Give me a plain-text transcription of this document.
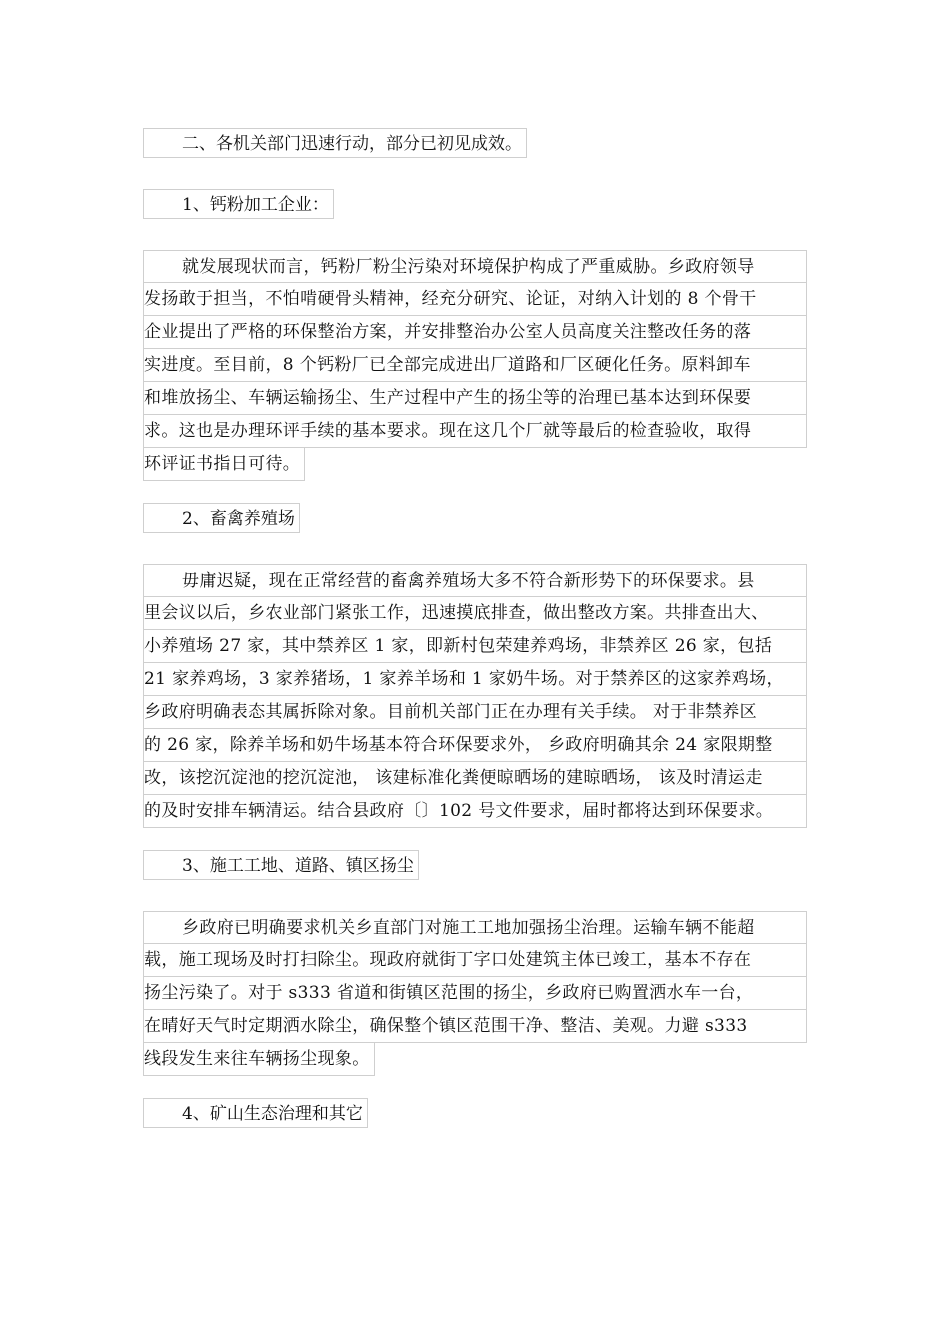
二、各机关部门迅速行动，部分已初见成效。

1、钙粉加工企业：

就发展现状而言，钙粉厂粉尘污染对环境保护构成了严重威胁。乡政府领导
发扬敢于担当，不怕啃硬骨头精神，经充分研究、论证，对纳入计划的 8 个骨干
企业提出了严格的环保整治方案，并安排整治办公室人员高度关注整改任务的落
实进度。至目前，8 个钙粉厂已全部完成进出厂道路和厂区硬化任务。原料卸车
和堆放扬尘、车辆运输扬尘、生产过程中产生的扬尘等的治理已基本达到环保要
求。这也是办理环评手续的基本要求。现在这几个厂就等最后的检查验收，取得
环评证书指日可待。

2、畜禽养殖场

毋庸迟疑，现在正常经营的畜禽养殖场大多不符合新形势下的环保要求。县
里会议以后，乡农业部门紧张工作，迅速摸底排查，做出整改方案。共排查出大、
小养殖场 27 家，其中禁养区 1 家，即新村包荣建养鸡场，非禁养区 26 家，包括
21 家养鸡场，3 家养猪场，1 家养羊场和 1 家奶牛场。对于禁养区的这家养鸡场，
乡政府明确表态其属拆除对象。目前机关部门正在办理有关手续。 对于非禁养区
的 26 家，除养羊场和奶牛场基本符合环保要求外， 乡政府明确其余 24 家限期整
改，该挖沉淀池的挖沉淀池， 该建标准化粪便晾晒场的建晾晒场， 该及时清运走
的及时安排车辆清运。结合县政府〔〕102 号文件要求，届时都将达到环保要求。

3、施工工地、道路、镇区扬尘

乡政府已明确要求机关乡直部门对施工工地加强扬尘治理。运输车辆不能超
载，施工现场及时打扫除尘。现政府就街丁字口处建筑主体已竣工，基本不存在
扬尘污染了。对于 s333 省道和街镇区范围的扬尘，乡政府已购置洒水车一台，
在晴好天气时定期洒水除尘，确保整个镇区范围干净、整洁、美观。力避 s333
线段发生来往车辆扬尘现象。

4、矿山生态治理和其它
